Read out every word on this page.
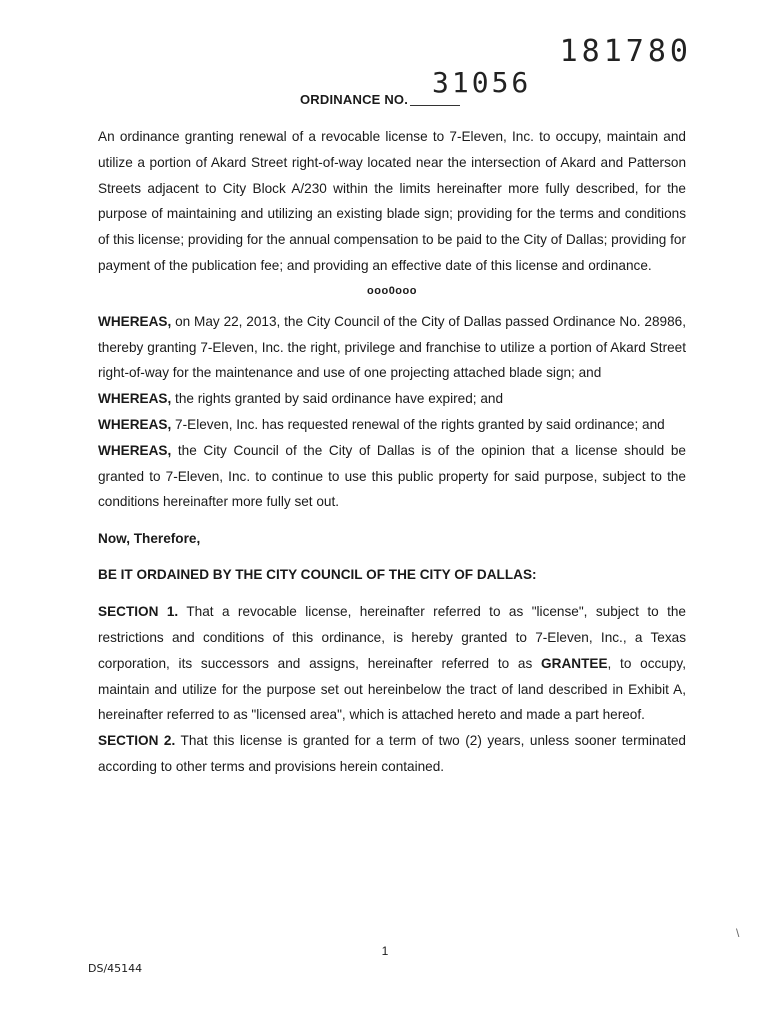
181780
31056
ORDINANCE NO.

An ordinance granting renewal of a revocable license to 7-Eleven, Inc. to occupy, maintain and utilize a portion of Akard Street right-of-way located near the intersection of Akard and Patterson Streets adjacent to City Block A/230 within the limits hereinafter more fully described, for the purpose of maintaining and utilizing an existing blade sign; providing for the terms and conditions of this license; providing for the annual compensation to be paid to the City of Dallas; providing for payment of the publication fee; and providing an effective date of this license and ordinance.

ooo0ooo

WHEREAS, on May 22, 2013, the City Council of the City of Dallas passed Ordinance No. 28986, thereby granting 7-Eleven, Inc. the right, privilege and franchise to utilize a portion of Akard Street right-of-way for the maintenance and use of one projecting attached blade sign; and

WHEREAS, the rights granted by said ordinance have expired; and

WHEREAS, 7-Eleven, Inc. has requested renewal of the rights granted by said ordinance; and

WHEREAS, the City Council of the City of Dallas is of the opinion that a license should be granted to 7-Eleven, Inc. to continue to use this public property for said purpose, subject to the conditions hereinafter more fully set out.

Now, Therefore,

BE IT ORDAINED BY THE CITY COUNCIL OF THE CITY OF DALLAS:

SECTION 1. That a revocable license, hereinafter referred to as "license", subject to the restrictions and conditions of this ordinance, is hereby granted to 7-Eleven, Inc., a Texas corporation, its successors and assigns, hereinafter referred to as GRANTEE, to occupy, maintain and utilize for the purpose set out hereinbelow the tract of land described in Exhibit A, hereinafter referred to as "licensed area", which is attached hereto and made a part hereof.

SECTION 2. That this license is granted for a term of two (2) years, unless sooner terminated according to other terms and provisions herein contained.

1
DS/45144
\
